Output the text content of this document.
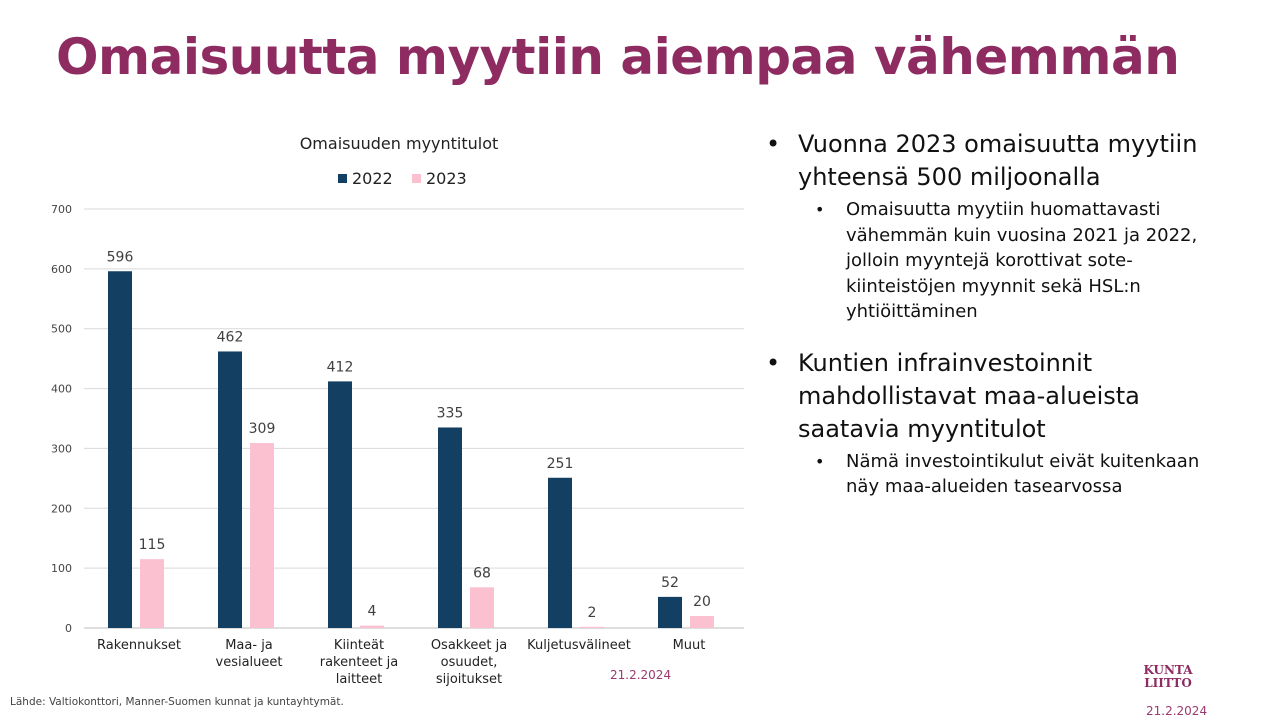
Omaisuutta myytiin aiempaa vähemmän
Omaisuuden myyntitulot
2022 2023
0
100
200
300
400
500
600
700
596
115
Rakennukset
462
309
Maa- ja
vesialueet
412
4
Kiinteät
rakenteet ja
laitteet
335
68
Osakkeet ja
osuudet,
sijoitukset
251
2
Kuljetusvälineet
52
20
Muut
• Vuonna 2023 omaisuutta myytiin yhteensä 500 miljoonalla
• Omaisuutta myytiin huomattavasti vähemmän kuin vuosina 2021 ja 2022, jolloin myyntejä korottivat sote-kiinteistöjen myynnit sekä HSL:n yhtiöittäminen
• Kuntien infrainvestoinnit mahdollistavat maa-alueista saatavia myyntitulot
• Nämä investointikulut eivät kuitenkaan näy maa-alueiden tasearvossa
Lähde: Valtiokonttori, Manner-Suomen kunnat ja kuntayhtymät.
21.2.2024
21.2.2024
KUNTA
LIITTO
